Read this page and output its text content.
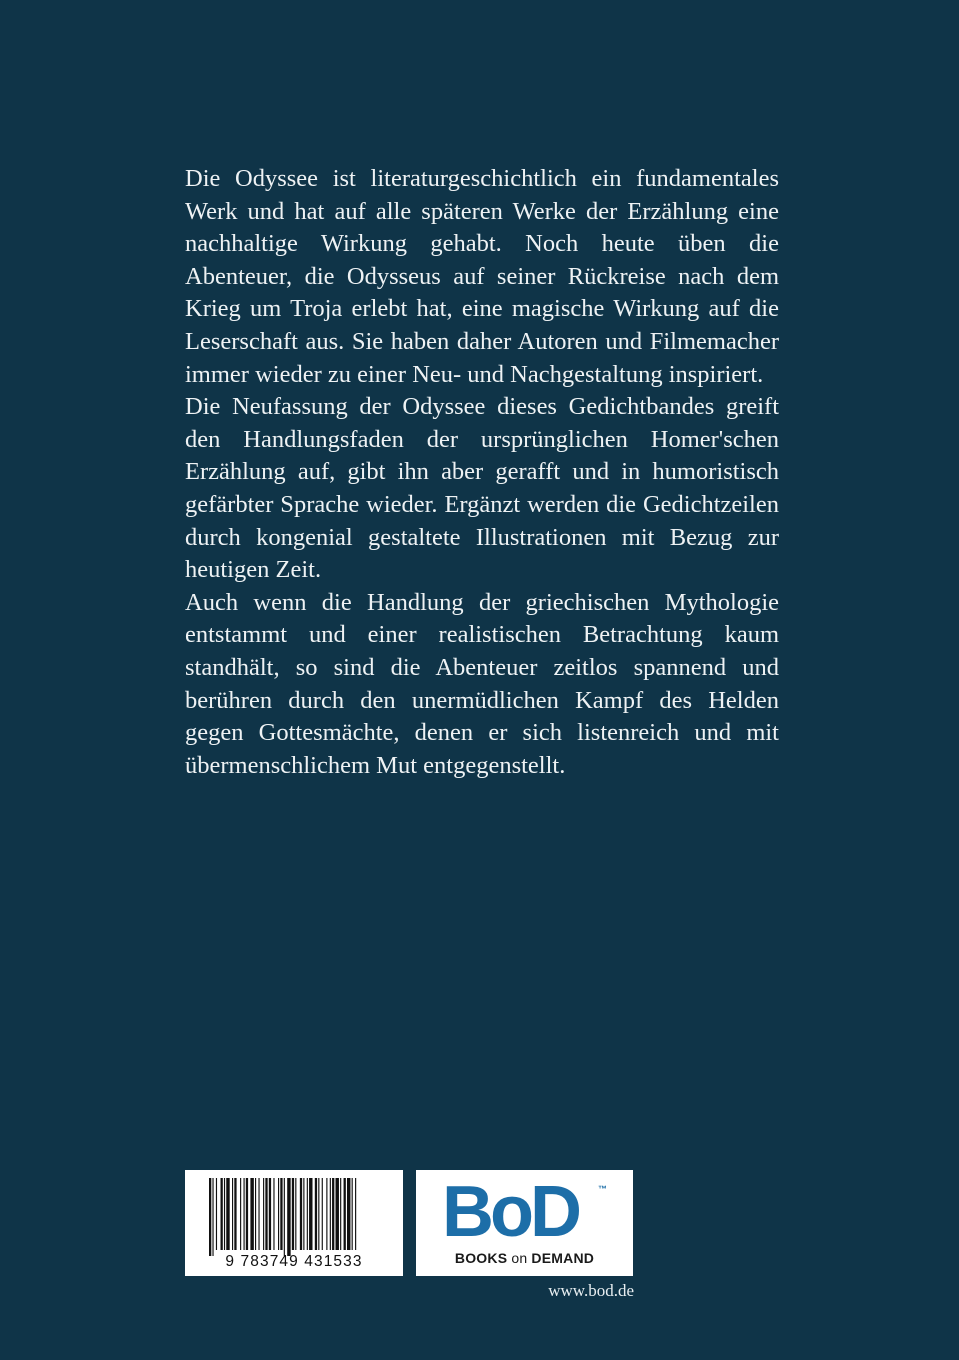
Die Odyssee ist literaturgeschichtlich ein fundamentales Werk und hat auf alle späteren Werke der Erzählung eine nachhaltige Wirkung gehabt. Noch heute üben die Abenteuer, die Odysseus auf seiner Rückreise nach dem Krieg um Troja erlebt hat, eine magische Wirkung auf die Leserschaft aus. Sie haben daher Autoren und Filmemacher immer wieder zu einer Neu- und Nachgestaltung inspiriert.

Die Neufassung der Odyssee dieses Gedichtbandes greift den Handlungsfaden der ursprünglichen Homer'schen Erzählung auf, gibt ihn aber gerafft und in humoristisch gefärbter Sprache wieder. Ergänzt werden die Gedichtzeilen durch kongenial gestaltete Illustrationen mit Bezug zur heutigen Zeit.

Auch wenn die Handlung der griechischen Mythologie entstammt und einer realistischen Betrachtung kaum standhält, so sind die Abenteuer zeitlos spannend und berühren durch den unermüdlichen Kampf des Helden gegen Gottesmächte, denen er sich listenreich und mit übermenschlichem Mut entgegenstellt.

9 783749 431533
BoD ™
BOOKS on DEMAND
www.bod.de
